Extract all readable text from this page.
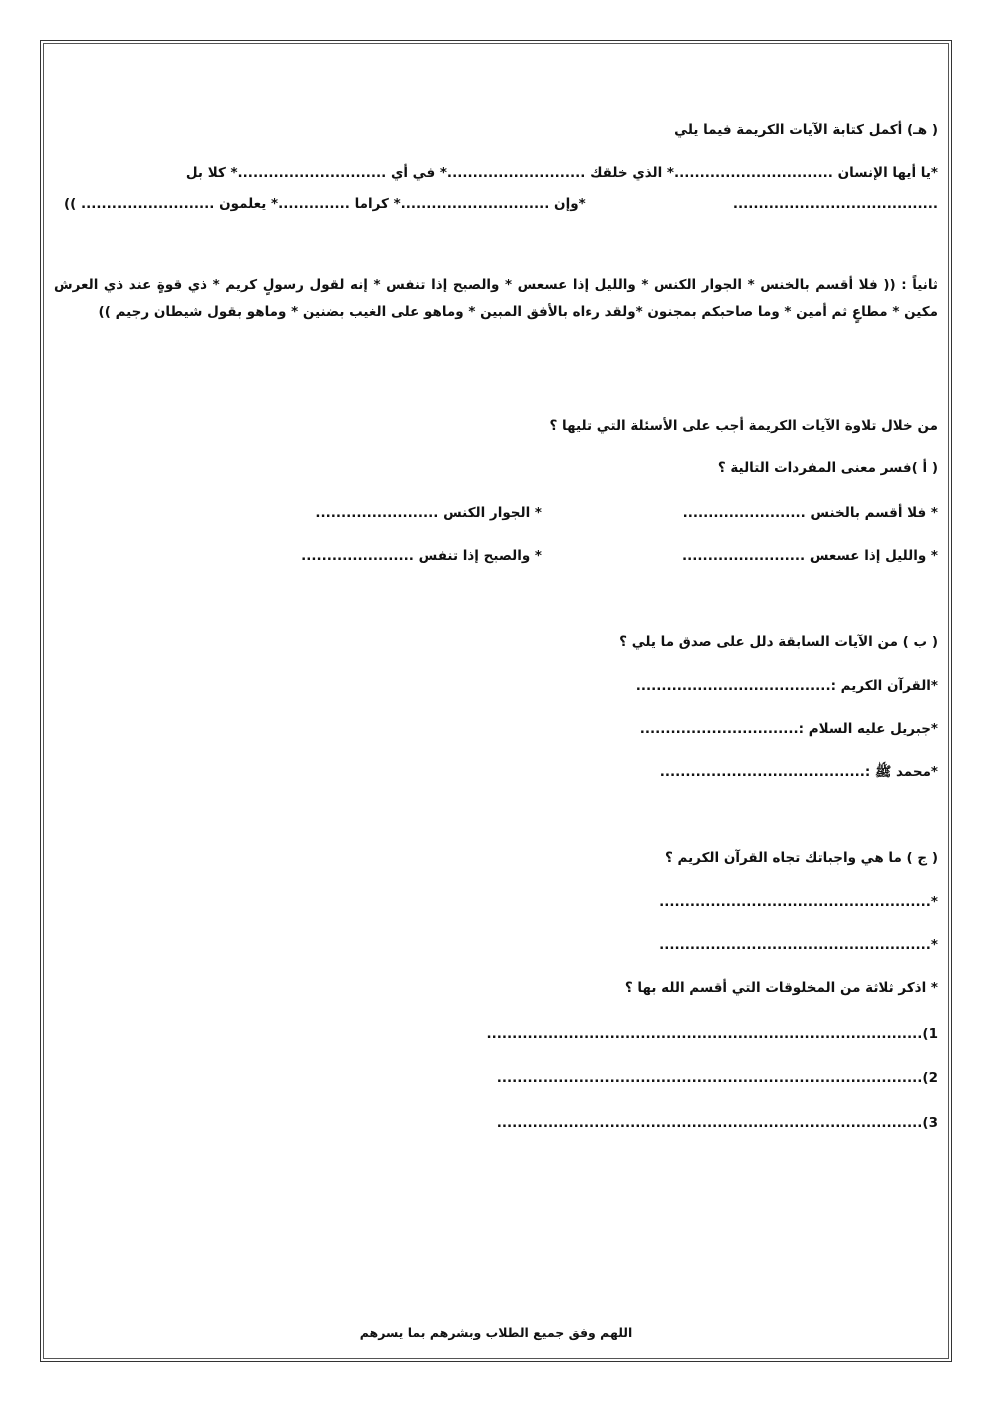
( هـ) أكمل كتابة الآيات الكريمة فيما يلي
*يا أيها الإنسان ...............................* الذي خلقك ...........................* في أي .............................* كلا بل
........................................
*وإن .............................* كراما ..............* يعلمون .......................... ))
ثانياً : (( فلا أقسم بالخنس * الجوار الكنس * والليل إذا عسعس * والصبح إذا تنفس * إنه لقول رسولٍ كريم * ذي قوةٍ عند ذي العرش مكين * مطاعٍ ثم أمين * وما صاحبكم بمجنون *ولقد رءاه بالأفق المبين * وماهو على الغيب بضنين * وماهو بقول شيطان رجيم ))
من خلال تلاوة الآيات الكريمة أجب على الأسئلة التي تليها ؟
( أ )فسر معنى المفردات التالية ؟
* فلا أقسم بالخنس ........................
* الجوار الكنس ........................
* والليل إذا عسعس ........................
* والصبح إذا تنفس ......................
( ب ) من الآيات السابقة دلل على صدق ما يلي ؟
*القرآن الكريم :......................................
*جبريل عليه السلام :...............................
*محمد ﷺ :........................................
( ج ) ما هي واجباتك تجاه القرآن الكريم ؟
*.....................................................
*.....................................................
* اذكر ثلاثة من المخلوقات التي أقسم الله بها ؟
1).....................................................................................
2)...................................................................................
3)...................................................................................
اللهم وفق جميع الطلاب وبشرهم بما يسرهم
